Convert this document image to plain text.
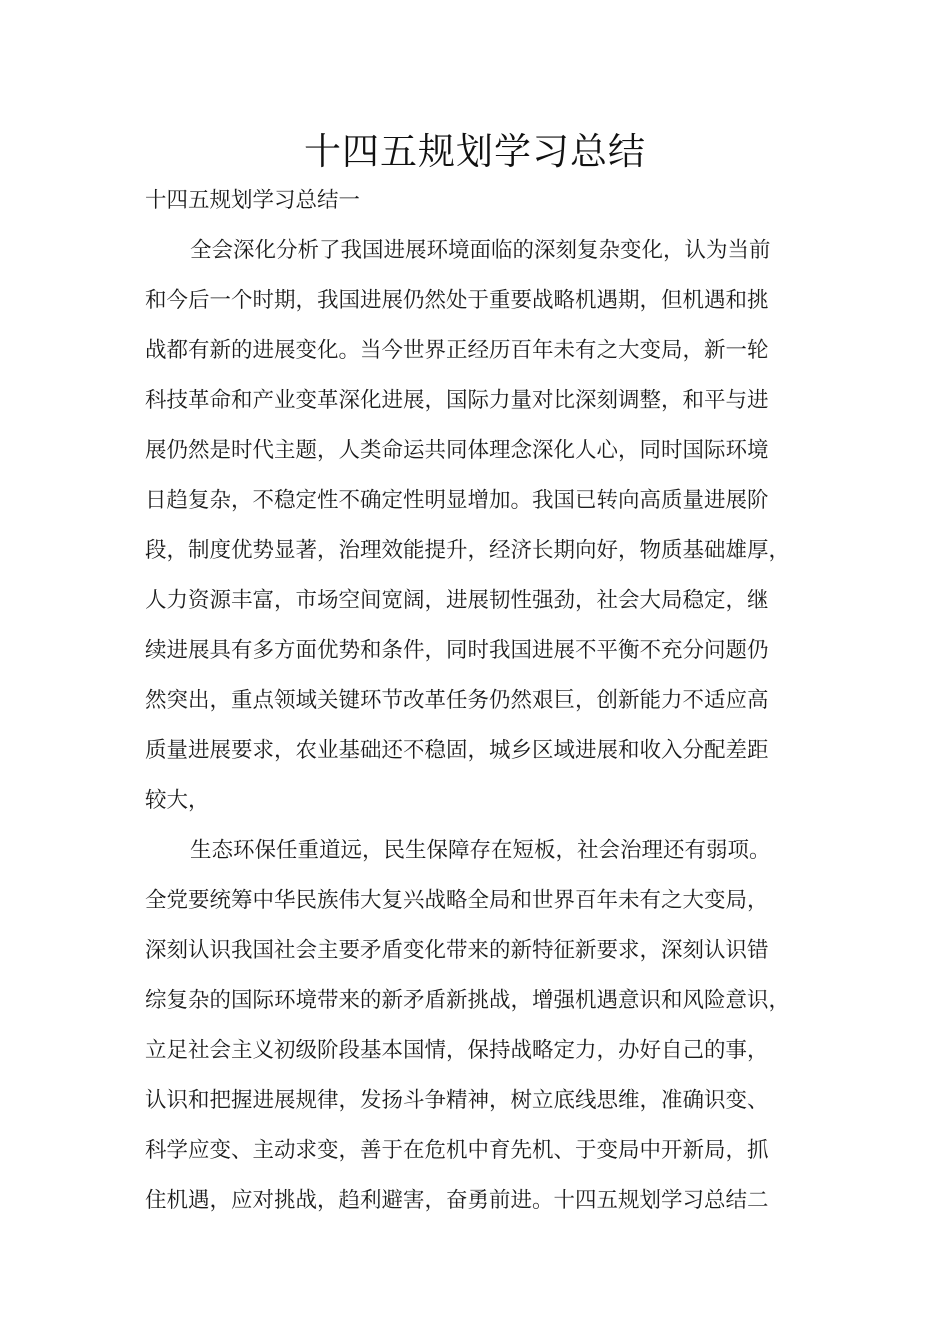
十四五规划学习总结
十四五规划学习总结一
全会深化分析了我国进展环境面临的深刻复杂变化，认为当前
和今后一个时期，我国进展仍然处于重要战略机遇期，但机遇和挑
战都有新的进展变化。当今世界正经历百年未有之大变局，新一轮
科技革命和产业变革深化进展，国际力量对比深刻调整，和平与进
展仍然是时代主题，人类命运共同体理念深化人心，同时国际环境
日趋复杂，不稳定性不确定性明显增加。我国已转向高质量进展阶
段，制度优势显著，治理效能提升，经济长期向好，物质基础雄厚，
人力资源丰富，市场空间宽阔，进展韧性强劲，社会大局稳定，继
续进展具有多方面优势和条件，同时我国进展不平衡不充分问题仍
然突出，重点领域关键环节改革任务仍然艰巨，创新能力不适应高
质量进展要求，农业基础还不稳固，城乡区域进展和收入分配差距
较大，
生态环保任重道远，民生保障存在短板，社会治理还有弱项。
全党要统筹中华民族伟大复兴战略全局和世界百年未有之大变局，
深刻认识我国社会主要矛盾变化带来的新特征新要求，深刻认识错
综复杂的国际环境带来的新矛盾新挑战，增强机遇意识和风险意识，
立足社会主义初级阶段基本国情，保持战略定力，办好自己的事，
认识和把握进展规律，发扬斗争精神，树立底线思维，准确识变、
科学应变、主动求变，善于在危机中育先机、于变局中开新局，抓
住机遇，应对挑战，趋利避害，奋勇前进。十四五规划学习总结二
